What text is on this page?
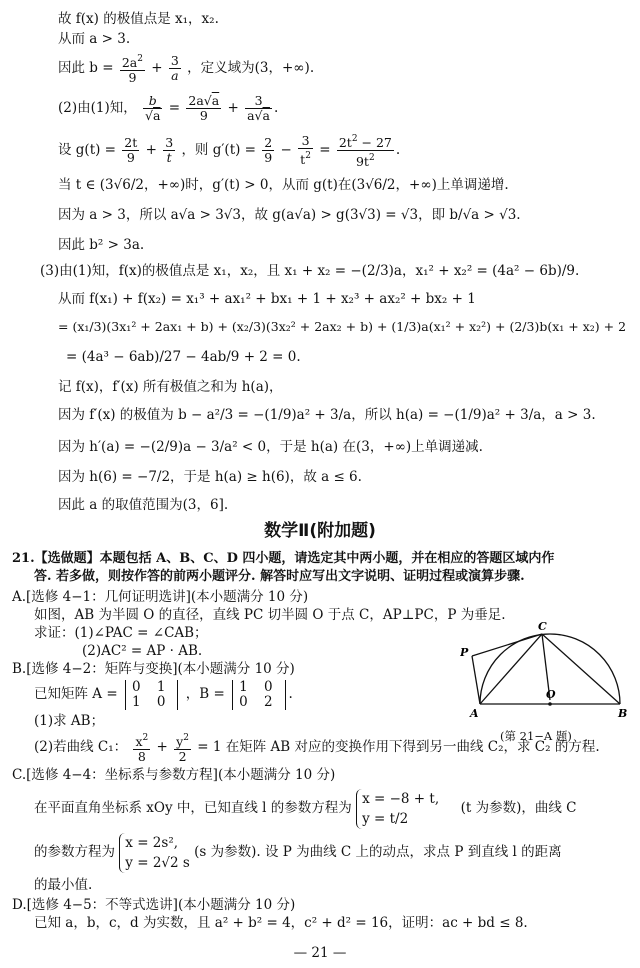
故 f(x) 的极值点是 x₁，x₂.
从而 a > 3.
因此 $b = \frac{2a^2}{9} + \frac{3}{a}$ ，定义域为(3，+∞).
(2)由(1)知， $\frac{b}{√a} = \frac{2a√a}{9} + \frac{3}{a√a}$ .
设 $g(t) = \frac{2t}{9} + \frac{3}{t}$ ，则 $g'(t) = \frac{2}{9} - \frac{3}{t^2} = \frac{2t^2 - 27}{9t^2}$ .
当 t ∈ (3√6/2，+∞)时，g′(t) > 0，从而 g(t)在(3√6/2，+∞)上单调递增.
因为 a > 3，所以 a√a > 3√3，故 g(a√a) > g(3√3) = √3，即 b/√a > √3.
因此 b² > 3a.
(3)由(1)知，f(x)的极值点是 x₁，x₂，且 x₁ + x₂ = −(2/3)a，x₁² + x₂² = (4a² − 6b)/9.
从而 f(x₁) + f(x₂) = x₁³ + ax₁² + bx₁ + 1 + x₂³ + ax₂² + bx₂ + 1
= (x₁/3)(3x₁² + 2ax₁ + b) + (x₂/3)(3x₂² + 2ax₂ + b) + (1/3)a(x₁² + x₂²) + (2/3)b(x₁ + x₂) + 2
= (4a³ − 6ab)/27 − 4ab/9 + 2 = 0.
记 f(x)，f′(x) 所有极值之和为 h(a)，
因为 f′(x) 的极值为 b − a²/3 = −(1/9)a² + 3/a，所以 h(a) = −(1/9)a² + 3/a，a > 3.
因为 h′(a) = −(2/9)a − 3/a² < 0，于是 h(a) 在(3，+∞)上单调递减.
因为 h(6) = −7/2，于是 h(a) ≥ h(6)，故 a ≤ 6.
因此 a 的取值范围为(3，6].
数学Ⅱ(附加题)
21.【选做题】本题包括 A、B、C、D 四小题，请选定其中两小题，并在相应的答题区域内作
答. 若多做，则按作答的前两小题评分. 解答时应写出文字说明、证明过程或演算步骤.
A.[选修 4−1：几何证明选讲](本小题满分 10 分)
如图，AB 为半圆 O 的直径，直线 PC 切半圆 O 于点 C，AP⊥PC，P 为垂足.
求证：(1)∠PAC = ∠CAB；
(2)AC² = AP · AB.	P
C
A
O
B
(第 21−A 题)
B.[选修 4−2：矩阵与变换](本小题满分 10 分)
已知矩阵 A = 0 1
1 0 ，B = 1 0
0 2 .
(1)求 AB；
(2)若曲线 C₁： $\frac{x^2}{8} + \frac{y^2}{2} = 1$ 在矩阵 AB 对应的变换作用下得到另一曲线 C₂，求 C₂ 的方程.
C.[选修 4−4：坐标系与参数方程](本小题满分 10 分)
在平面直角坐标系 xOy 中，已知直线 l 的参数方程为
x = −8 + t,
y = t/2
(t 为参数)，曲线 C
的参数方程为
x = 2s²,
y = 2√2 s
(s 为参数). 设 P 为曲线 C 上的动点，求点 P 到直线 l 的距离
的最小值.
D.[选修 4−5：不等式选讲](本小题满分 10 分)
已知 a，b，c，d 为实数，且 a² + b² = 4，c² + d² = 16，证明：ac + bd ≤ 8.
— 21 —
